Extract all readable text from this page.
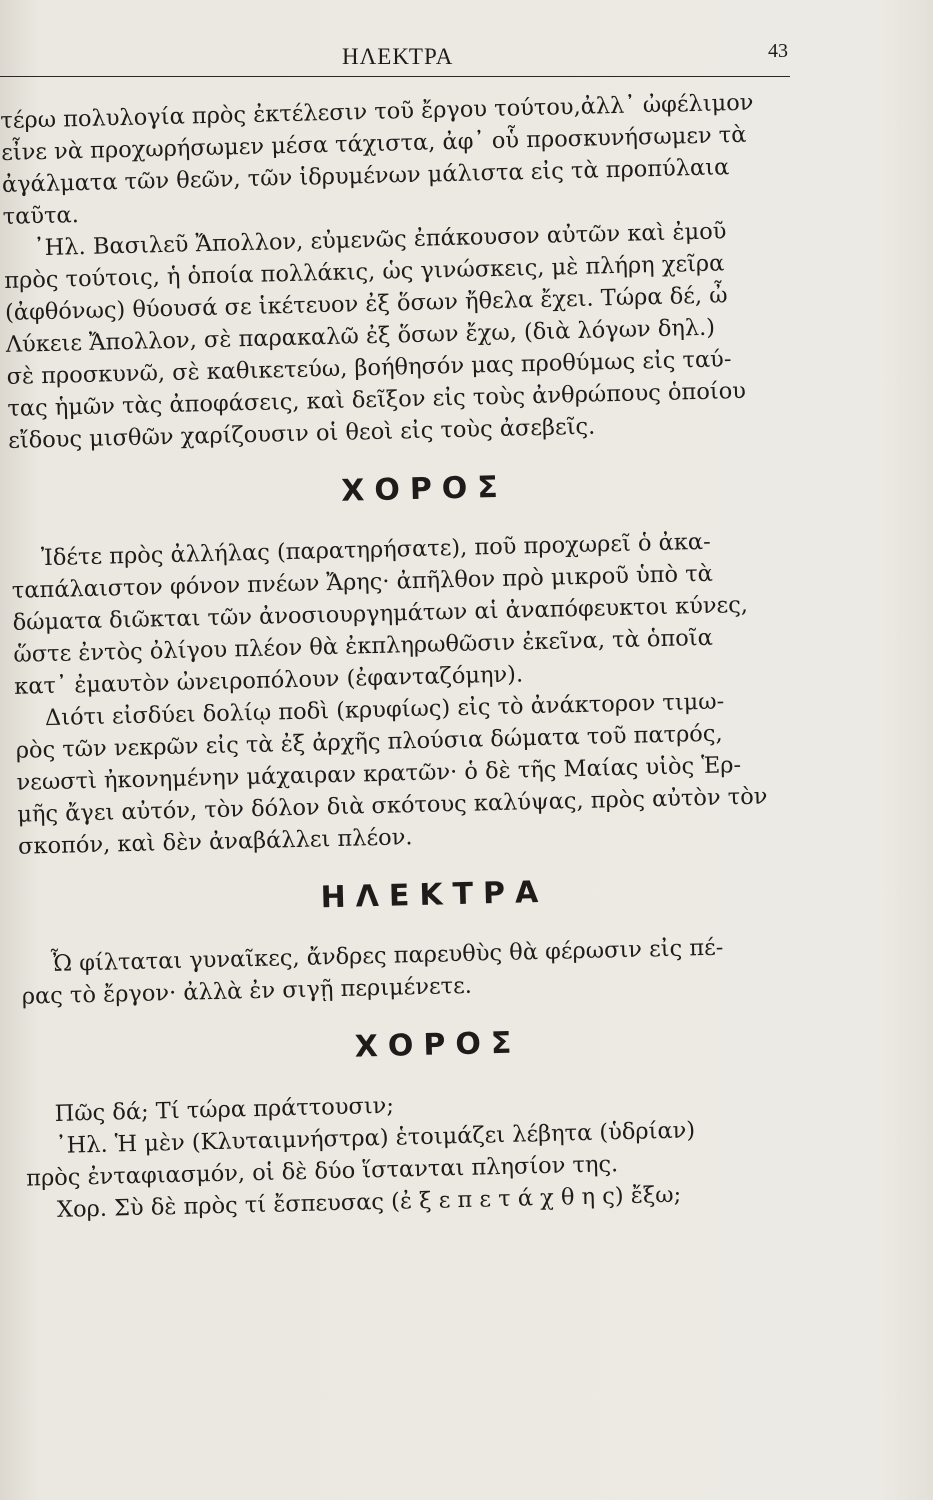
ΗΛΕΚΤΡΑ	43
τέρω πολυλογία πρὸς ἐκτέλεσιν τοῦ ἔργου τούτου,ἀλλ᾽ ὠφέλιμον
εἶνε νὰ προχωρήσωμεν μέσα τάχιστα, ἀφ᾽ οὗ προσκυνήσωμεν τὰ
ἀγάλματα τῶν θεῶν, τῶν ἱδρυμένων μάλιστα εἰς τὰ προπύλαια
ταῦτα.
᾽Ηλ. Βασιλεῦ Ἄπολλον, εὐμενῶς ἐπάκουσον αὐτῶν καὶ ἐμοῦ
πρὸς τούτοις, ἡ ὁποία πολλάκις, ὡς γινώσκεις, μὲ πλήρη χεῖρα
(ἀφθόνως) θύουσά σε ἱκέτευον ἐξ ὅσων ἤθελα ἔχει. Τώρα δέ, ὦ
Λύκειε Ἄπολλον, σὲ παρακαλῶ ἐξ ὅσων ἔχω, (διὰ λόγων δηλ.)
σὲ προσκυνῶ, σὲ καθικετεύω, βοήθησόν μας προθύμως εἰς ταύ-
τας ἡμῶν τὰς ἀποφάσεις, καὶ δεῖξον εἰς τοὺς ἀνθρώπους ὁποίου
εἴδους μισθῶν χαρίζουσιν οἱ θεοὶ εἰς τοὺς ἀσεβεῖς.
ΧΟΡΟΣ
Ἰδέτε πρὸς ἀλλήλας (παρατηρήσατε), ποῦ προχωρεῖ ὁ ἀκα-
ταπάλαιστον φόνον πνέων Ἄρης· ἀπῆλθον πρὸ μικροῦ ὑπὸ τὰ
δώματα διῶκται τῶν ἀνοσιουργημάτων αἱ ἀναπόφευκτοι κύνες,
ὥστε ἐντὸς ὀλίγου πλέον θὰ ἐκπληρωθῶσιν ἐκεῖνα, τὰ ὁποῖα
κατ᾽ ἐμαυτὸν ὠνειροπόλουν (ἐφανταζόμην).
Διότι εἰσδύει δολίῳ ποδὶ (κρυφίως) εἰς τὸ ἀνάκτορον τιμω-
ρὸς τῶν νεκρῶν εἰς τὰ ἐξ ἀρχῆς πλούσια δώματα τοῦ πατρός,
νεωστὶ ἠκονημένην μάχαιραν κρατῶν· ὁ δὲ τῆς Μαίας υἱὸς Ἑρ-
μῆς ἄγει αὐτόν, τὸν δόλον διὰ σκότους καλύψας, πρὸς αὐτὸν τὸν
σκοπόν, καὶ δὲν ἀναβάλλει πλέον.
ΗΛΕΚΤΡΑ
Ὦ φίλταται γυναῖκες, ἄνδρες παρευθὺς θὰ φέρωσιν εἰς πέ-
ρας τὸ ἔργον· ἀλλὰ ἐν σιγῇ περιμένετε.
ΧΟΡΟΣ
Πῶς δά; Τί τώρα πράττουσιν;
᾽Ηλ. Ἡ μὲν (Κλυταιμνήστρα) ἑτοιμάζει λέβητα (ὑδρίαν)
πρὸς ἐνταφιασμόν, οἱ δὲ δύο ἵστανται πλησίον της.
Χορ. Σὺ δὲ πρὸς τί ἔσπευσας (ἐ ξ ε π ε τ ά χ θ η ς) ἔξω;
